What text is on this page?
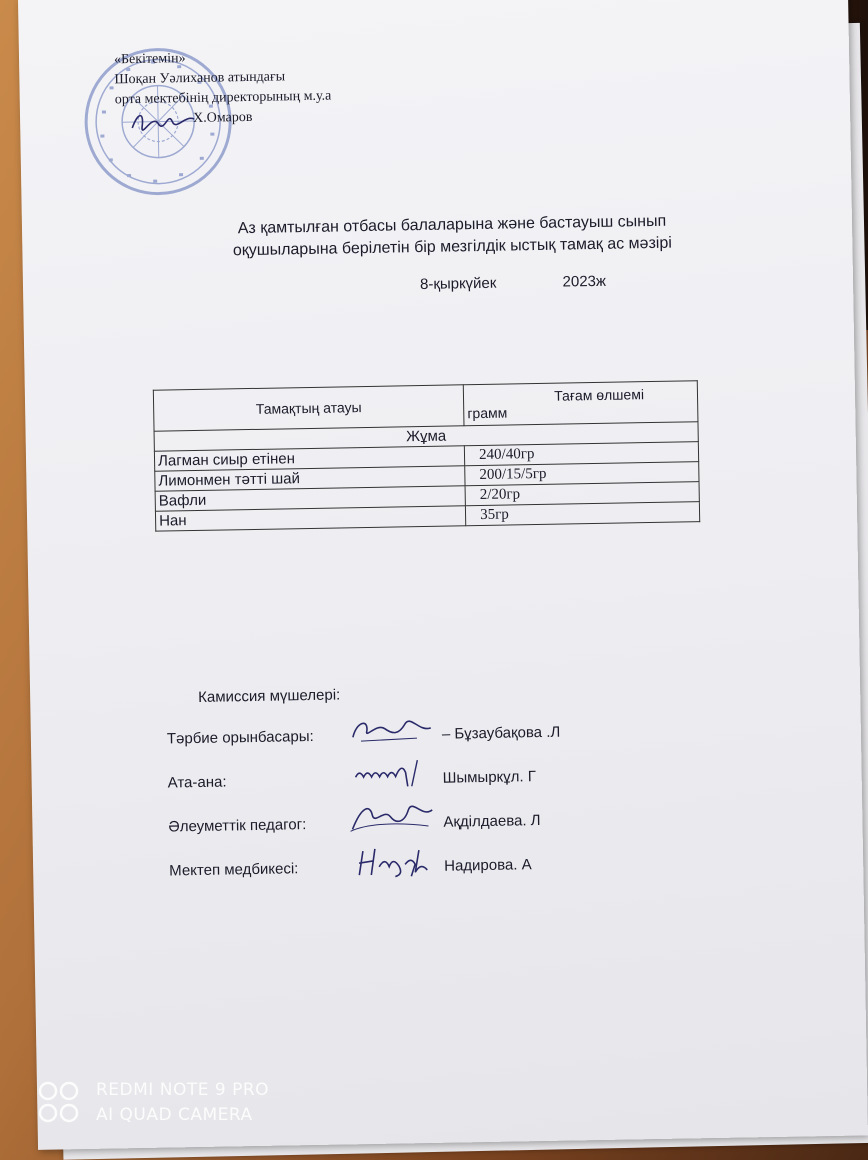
«Бекітемін»
Шоқан Уәлиханов атындағы
орта мектебінің директорының м.у.а
Х.Омаров
Аз қамтылған отбасы балаларына және бастауыш сынып
оқушыларына берілетін бір мезгілдік ыстық тамақ ас мәзірі
8-қыркүйек	2023ж
Тамақтың атауы	Тағам өлшемі
грамм
Жұма	
Лагман сиыр етінен	240/40гр
Лимонмен тәтті шай	200/15/5гр
Вафли	2/20гр
Нан	35гр
Камиссия мүшелері:
Тәрбие орынбасары:	– Бұзаубақова .Л
Ата-ана:	Шымыркұл. Г
Әлеуметтік педагог:	Ақділдаева. Л
Мектеп медбикесі:	Надирова. А
REDMI NOTE 9 PRO
AI QUAD CAMERA
